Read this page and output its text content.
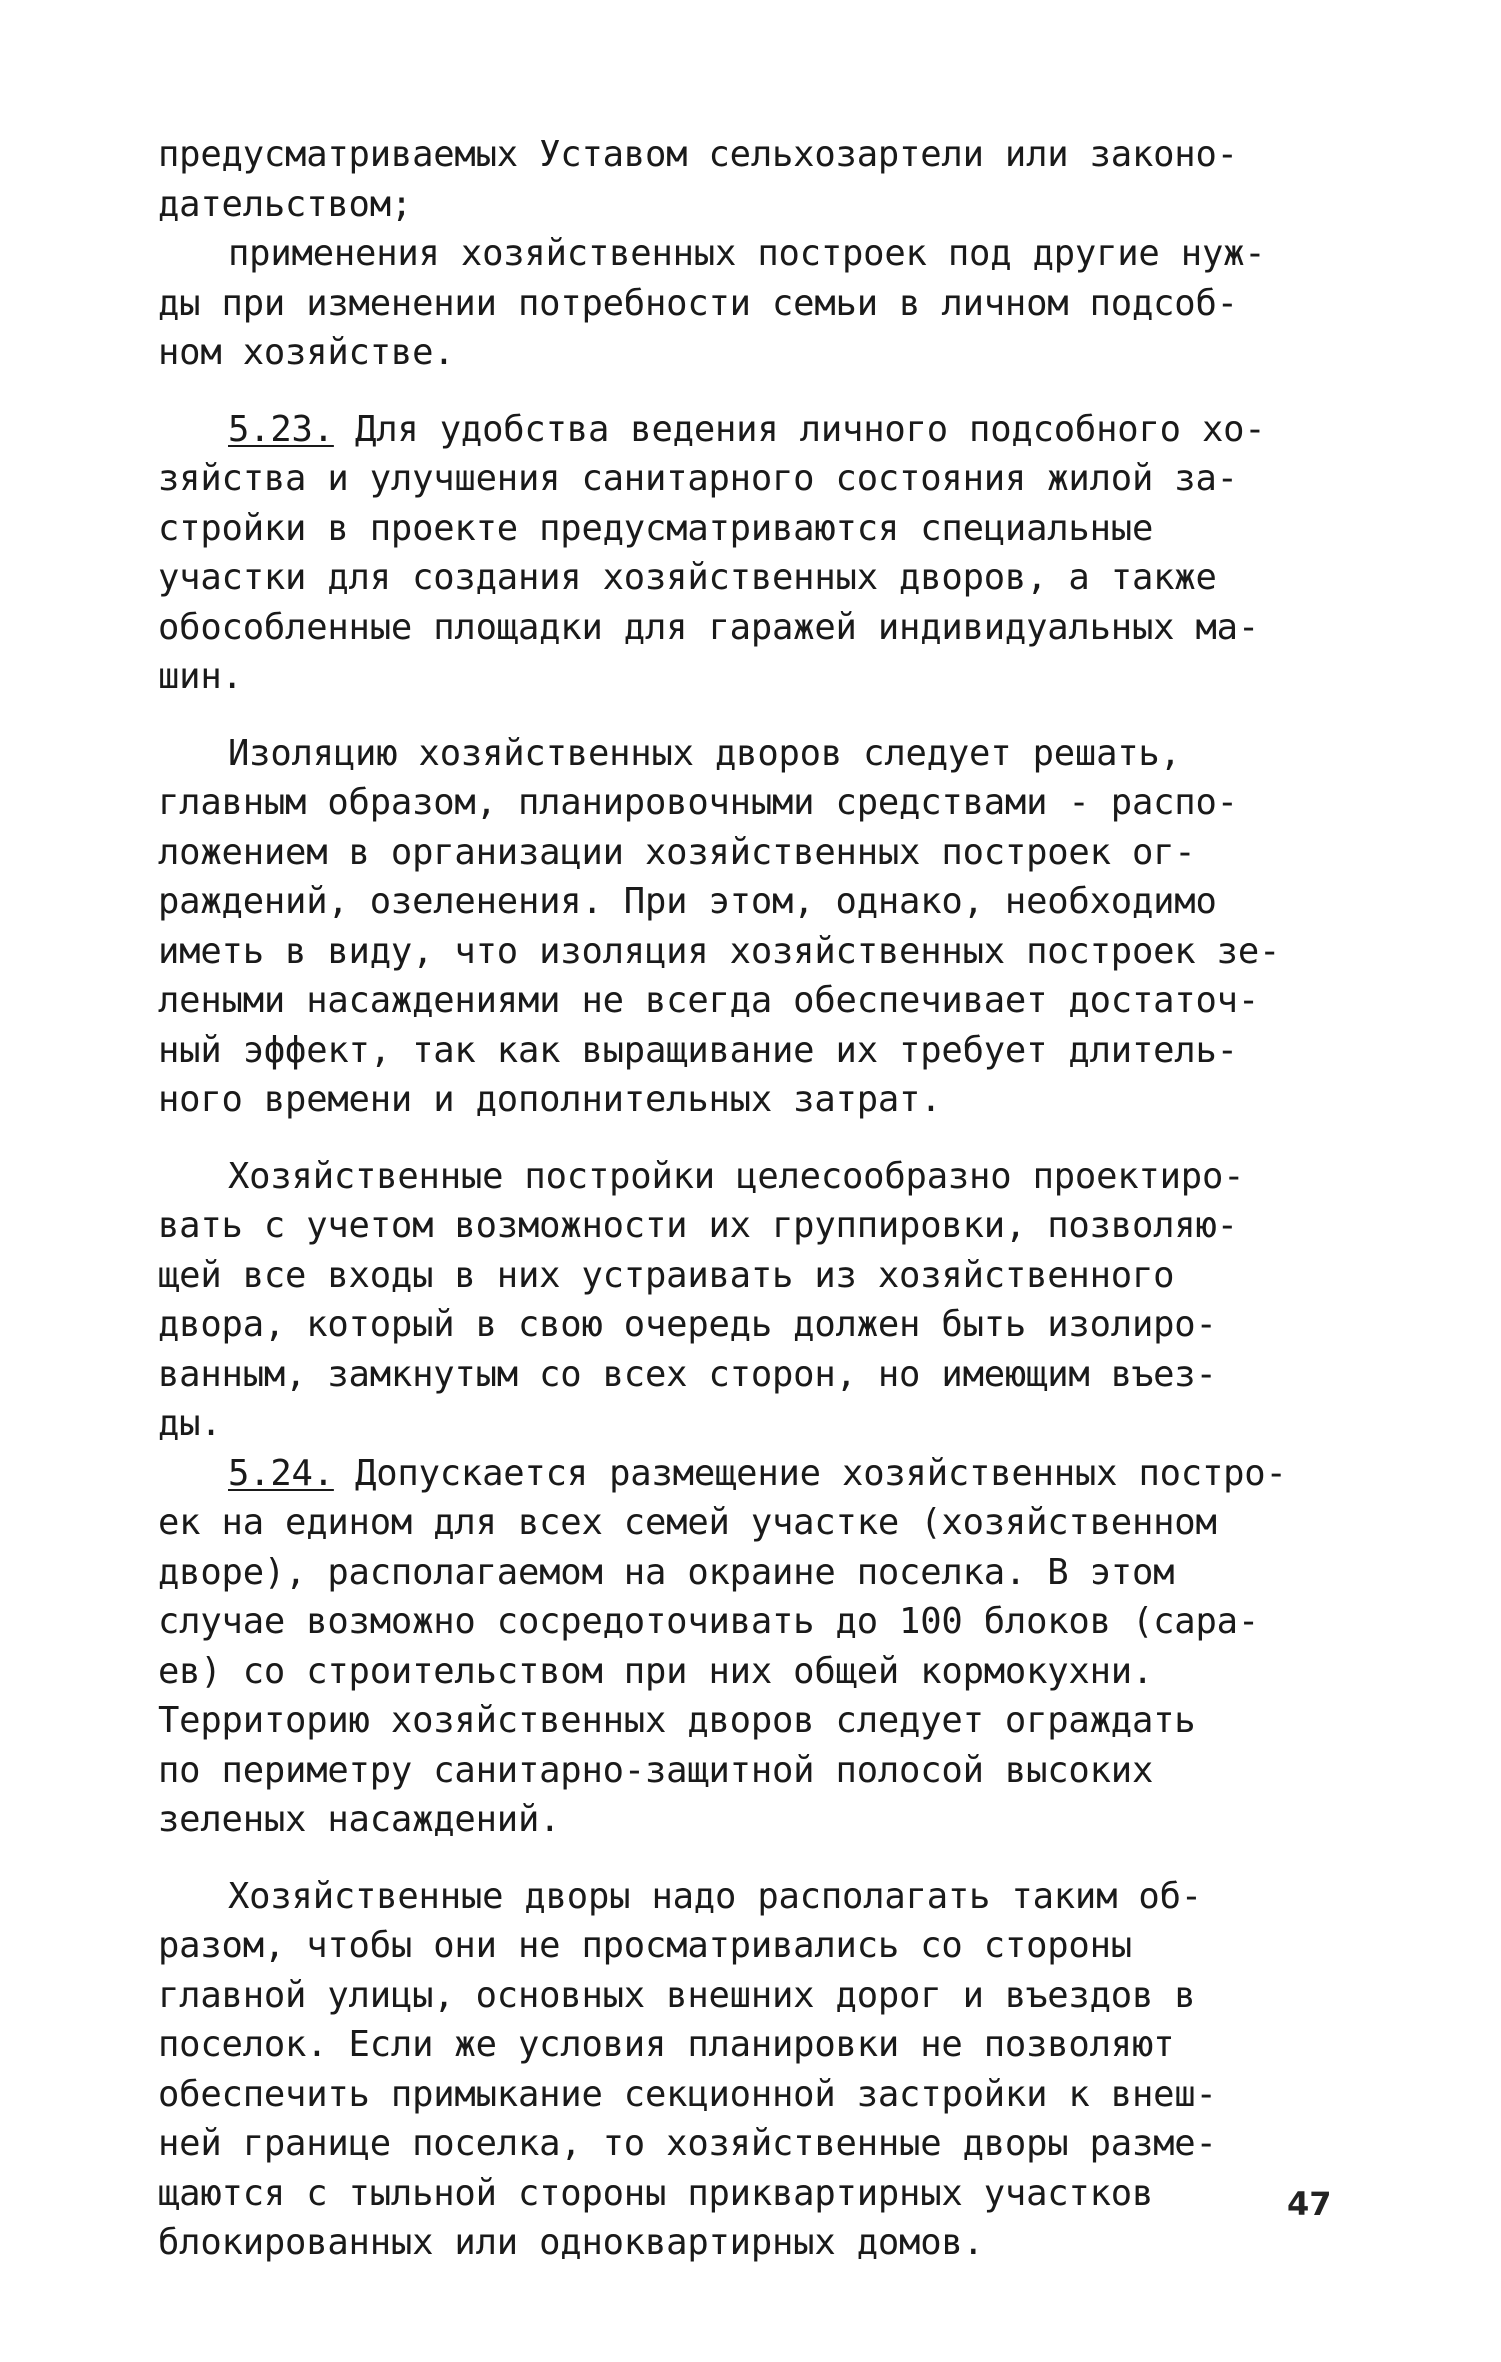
предусматриваемых Уставом сельхозартели или законо-
дательством;
применения хозяйственных построек под другие нуж-
ды при изменении потребности семьи в личном подсоб-
ном хозяйстве.
5.23. Для удобства ведения личного подсобного хо-
зяйства и улучшения санитарного состояния жилой за-
стройки в проекте предусматриваются специальные
участки для создания хозяйственных дворов, а также
обособленные площадки для гаражей индивидуальных ма-
шин.
Изоляцию хозяйственных дворов следует решать,
главным образом, планировочными средствами - распо-
ложением в организации хозяйственных построек ог-
раждений, озеленения. При этом, однако, необходимо
иметь в виду, что изоляция хозяйственных построек зе-
леными насаждениями не всегда обеспечивает достаточ-
ный эффект, так как выращивание их требует длитель-
ного времени и дополнительных затрат.
Хозяйственные постройки целесообразно проектиро-
вать с учетом возможности их группировки, позволяю-
щей все входы в них устраивать из хозяйственного
двора, который в свою очередь должен быть изолиро-
ванным, замкнутым со всех сторон, но имеющим въез-
ды.
5.24. Допускается размещение хозяйственных постро-
ек на едином для всех семей участке (хозяйственном
дворе), располагаемом на окраине поселка. В этом
случае возможно сосредоточивать до 100 блоков (сара-
ев) со строительством при них общей кормокухни.
Территорию хозяйственных дворов следует ограждать
по периметру санитарно-защитной полосой высоких
зеленых насаждений.
Хозяйственные дворы надо располагать таким об-
разом, чтобы они не просматривались со стороны
главной улицы, основных внешних дорог и въездов в
поселок. Если же условия планировки не позволяют
обеспечить примыкание секционной застройки к внеш-
ней границе поселка, то хозяйственные дворы разме-
щаются с тыльной стороны приквартирных участков
блокированных или одноквартирных домов.
47
